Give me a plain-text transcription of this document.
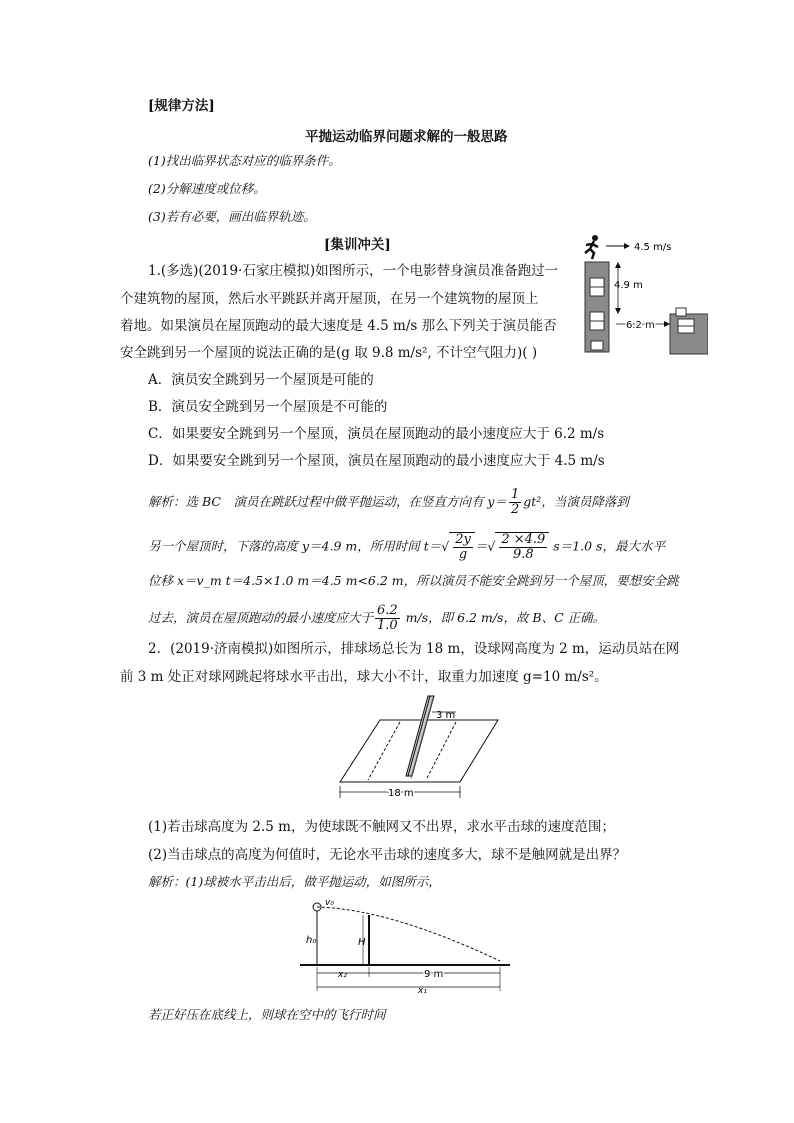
[规律方法]
平抛运动临界问题求解的一般思路
(1)找出临界状态对应的临界条件。
(2)分解速度或位移。
(3)若有必要，画出临界轨迹。
[集训冲关]
1.(多选)(2019·石家庄模拟)如图所示，一个电影替身演员准备跑过一
个建筑物的屋顶，然后水平跳跃并离开屋顶，在另一个建筑物的屋顶上
着地。如果演员在屋顶跑动的最大速度是 4.5 m/s 那么下列关于演员能否
安全跳到另一个屋顶的说法正确的是(g 取 9.8 m/s², 不计空气阻力)( )
A．演员安全跳到另一个屋顶是可能的
B．演员安全跳到另一个屋顶是不可能的
C．如果要安全跳到另一个屋顶，演员在屋顶跑动的最小速度应大于 6.2 m/s
D．如果要安全跳到另一个屋顶，演员在屋顶跑动的最小速度应大于 4.5 m/s
4.5 m/s
4.9 m
6.2 m
解析：选 BC　演员在跳跃过程中做平抛运动，在竖直方向有 $y= \frac{1}{2} gt^2$，当演员降落到
另一个屋顶时，下落的高度 y＝4.9 m，所用时间 $t=√ \frac{2y}{g}$ ＝√ $\frac{2 \times 4.9}{9.8} s=1.0$ s，最大水平
位移 x＝v_m t＝4.5×1.0 m＝4.5 m<6.2 m，所以演员不能安全跳到另一个屋顶，要想安全跳
过去，演员在屋顶跑动的最小速度应大于 $\frac{6.2}{1.0} m/s$，即 6.2 m/s，故 B、C 正确。
2．(2019·济南模拟)如图所示，排球场总长为 18 m，设球网高度为 2 m，运动员站在网
前 3 m 处正对球网跳起将球水平击出，球大小不计，取重力加速度 g=10 m/s²。
3 m
18 m
(1)若击球高度为 2.5 m，为使球既不触网又不出界，求水平击球的速度范围；
(2)当击球点的高度为何值时，无论水平击球的速度多大，球不是触网就是出界？
解析：(1)球被水平击出后，做平抛运动，如图所示，
v₀
h₀	H
x₂	9 m
x₁
若正好压在底线上，则球在空中的飞行时间
